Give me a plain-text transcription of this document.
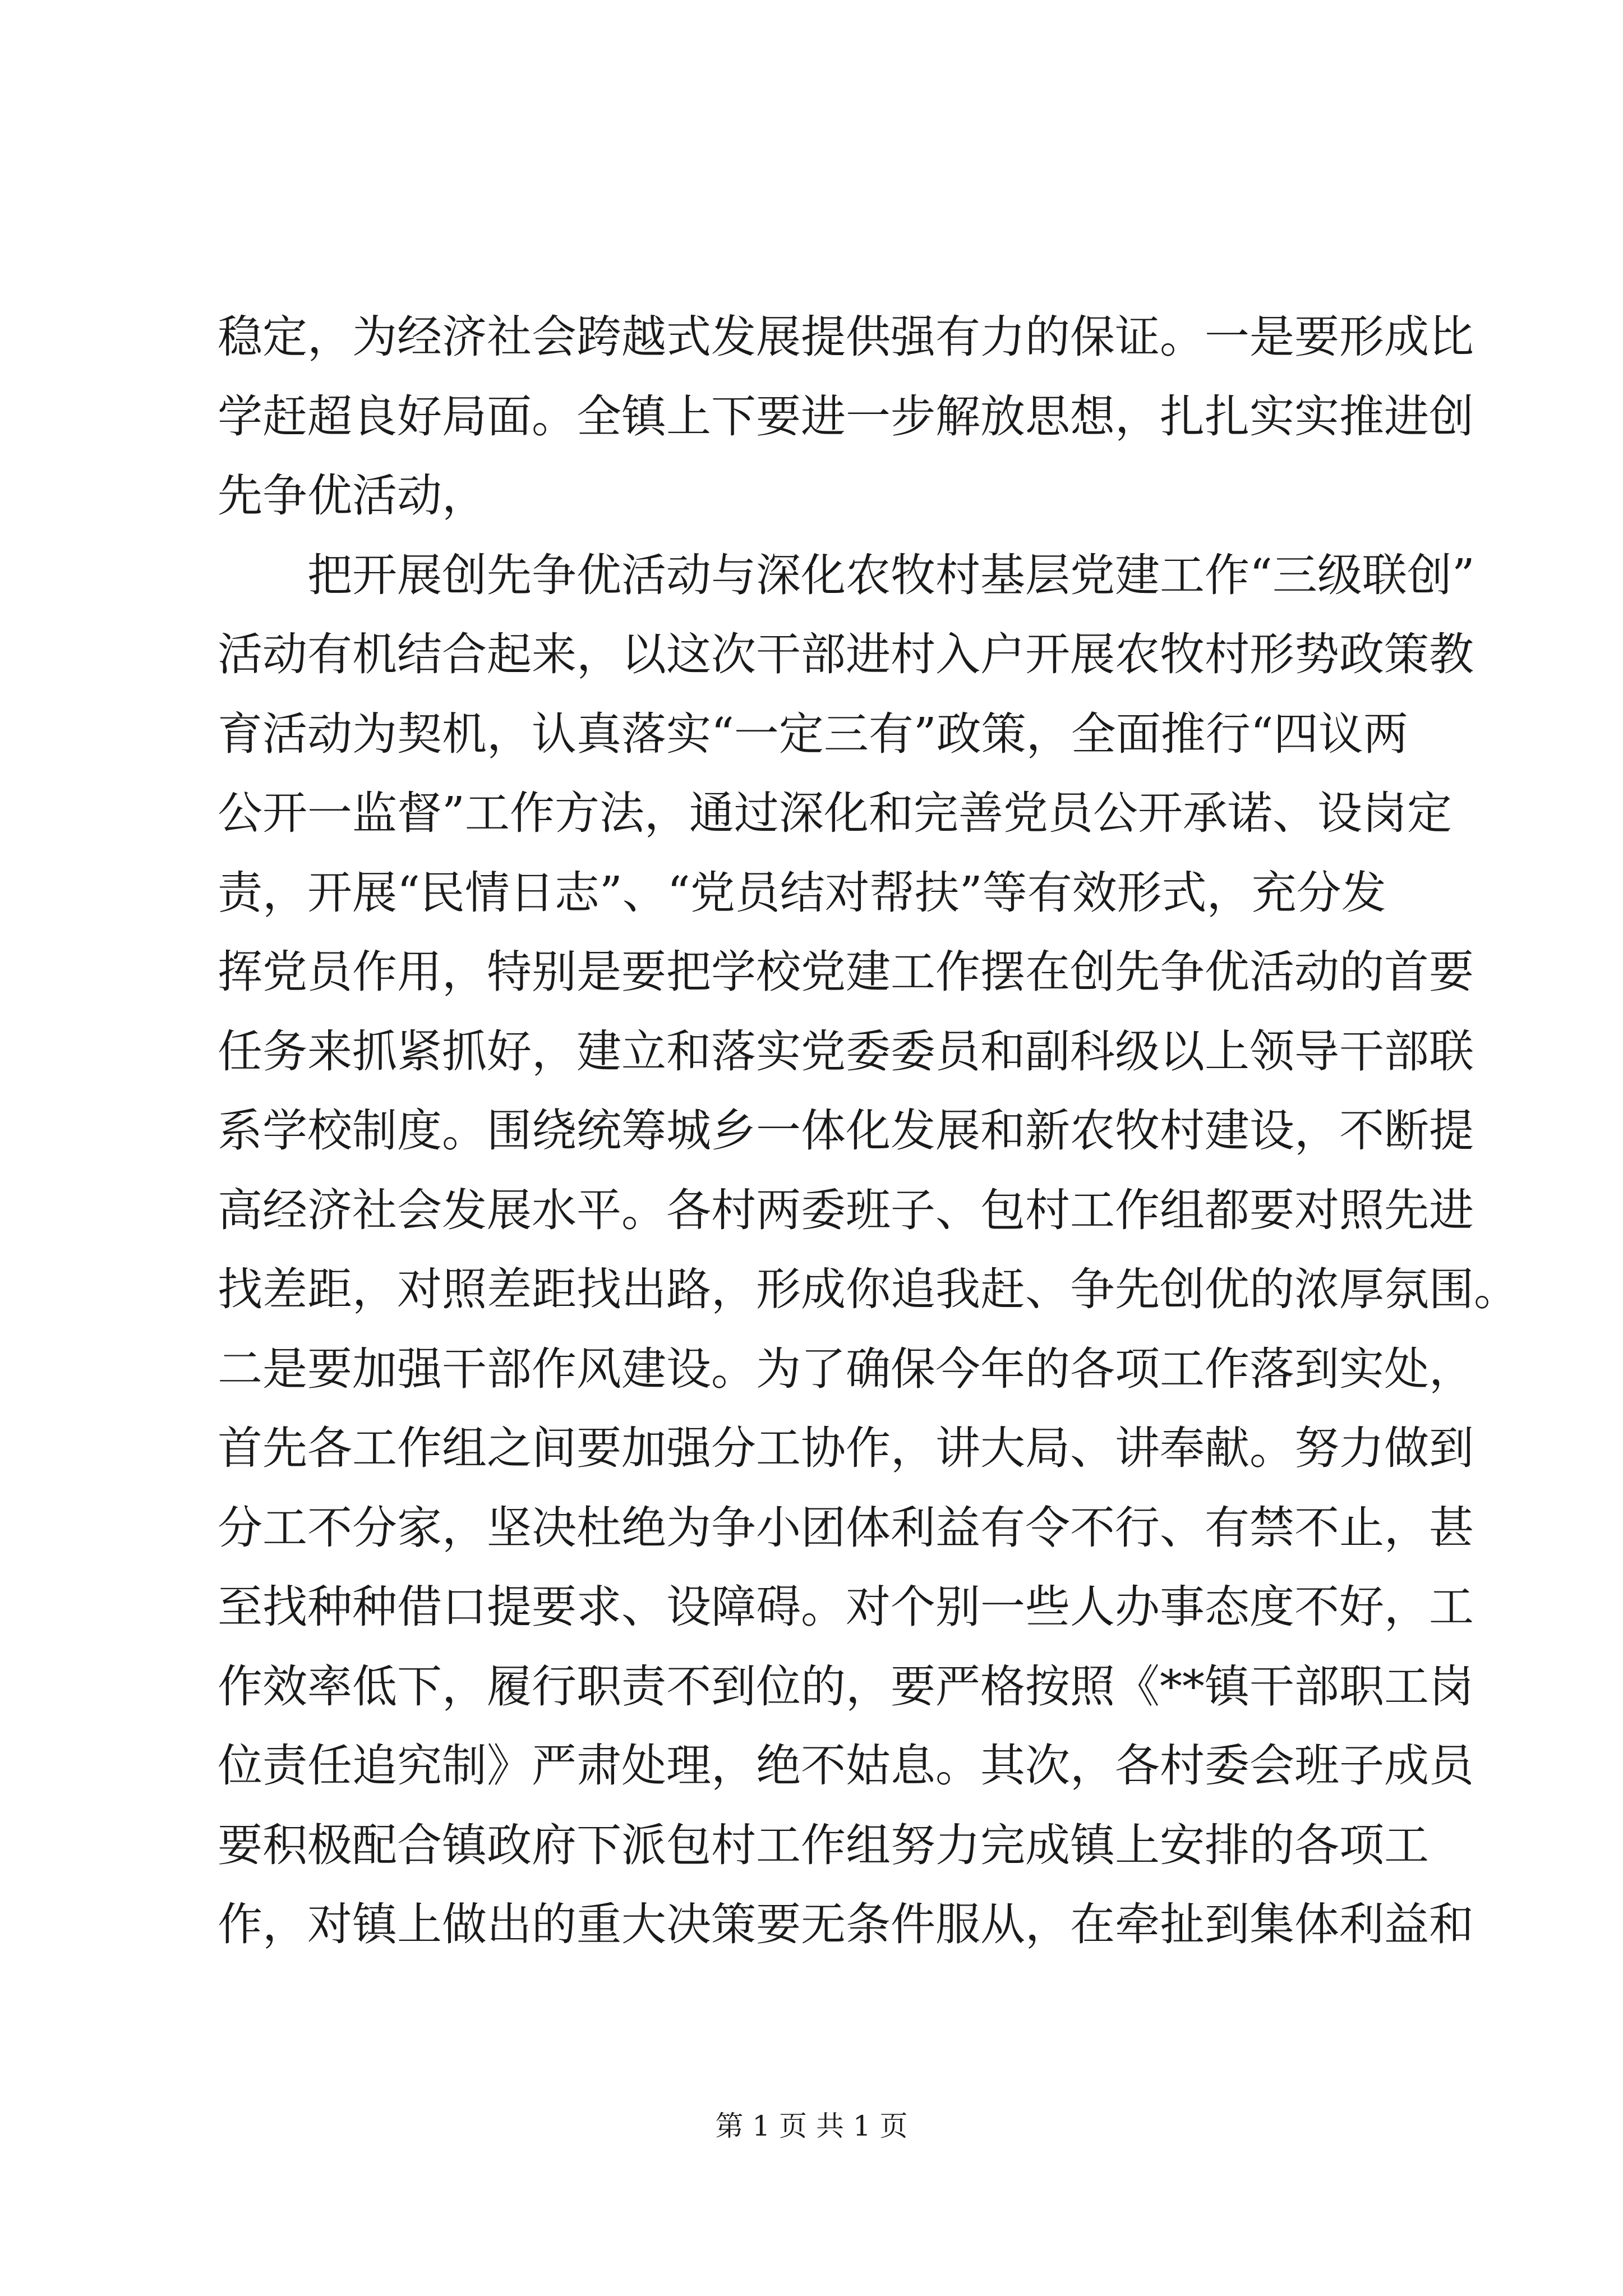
稳定，为经济社会跨越式发展提供强有力的保证。一是要形成比
学赶超良好局面。全镇上下要进一步解放思想，扎扎实实推进创
先争优活动，
把开展创先争优活动与深化农牧村基层党建工作“三级联创”
活动有机结合起来，以这次干部进村入户开展农牧村形势政策教
育活动为契机，认真落实“一定三有”政策，全面推行“四议两
公开一监督”工作方法，通过深化和完善党员公开承诺、设岗定
责，开展“民情日志”、“党员结对帮扶”等有效形式，充分发
挥党员作用，特别是要把学校党建工作摆在创先争优活动的首要
任务来抓紧抓好，建立和落实党委委员和副科级以上领导干部联
系学校制度。围绕统筹城乡一体化发展和新农牧村建设，不断提
高经济社会发展水平。各村两委班子、包村工作组都要对照先进
找差距，对照差距找出路，形成你追我赶、争先创优的浓厚氛围。
二是要加强干部作风建设。为了确保今年的各项工作落到实处，
首先各工作组之间要加强分工协作，讲大局、讲奉献。努力做到
分工不分家，坚决杜绝为争小团体利益有令不行、有禁不止，甚
至找种种借口提要求、设障碍。对个别一些人办事态度不好，工
作效率低下，履行职责不到位的，要严格按照《**镇干部职工岗
位责任追究制》严肃处理，绝不姑息。其次，各村委会班子成员
要积极配合镇政府下派包村工作组努力完成镇上安排的各项工
作，对镇上做出的重大决策要无条件服从，在牵扯到集体利益和
第 1 页 共 1 页
